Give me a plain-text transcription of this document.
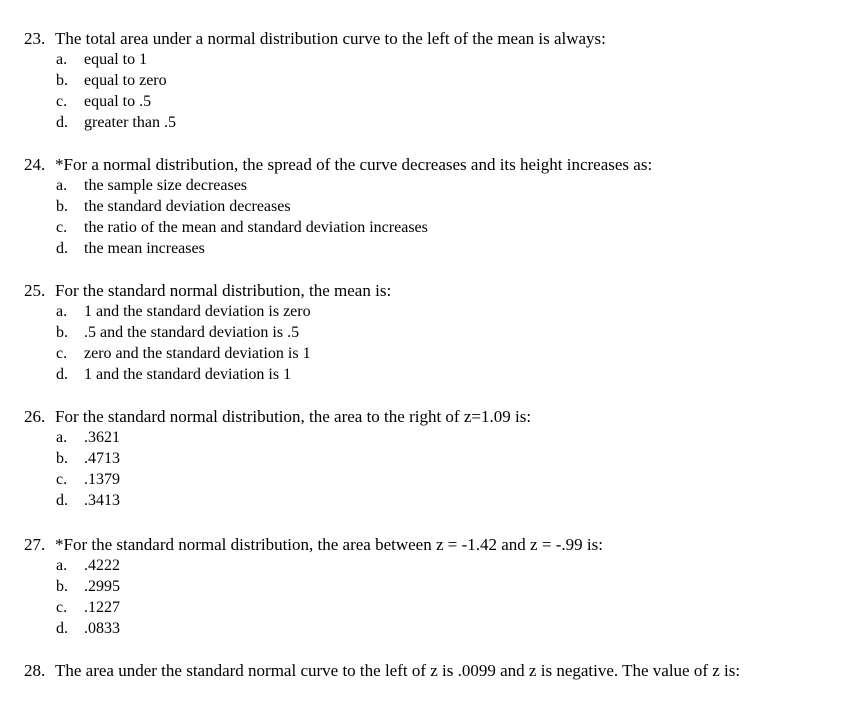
23. The total area under a normal distribution curve to the left of the mean is always:
a. equal to 1
b. equal to zero
c. equal to .5
d. greater than .5
24. *For a normal distribution, the spread of the curve decreases and its height increases as:
a. the sample size decreases
b. the standard deviation decreases
c. the ratio of the mean and standard deviation increases
d. the mean increases
25. For the standard normal distribution, the mean is:
a. 1 and the standard deviation is zero
b. .5 and the standard deviation is .5
c. zero and the standard deviation is 1
d. 1 and the standard deviation is 1
26. For the standard normal distribution, the area to the right of z=1.09 is:
a. .3621
b. .4713
c. .1379
d. .3413
27. *For the standard normal distribution, the area between z = -1.42 and z = -.99 is:
a. .4222
b. .2995
c. .1227
d. .0833
28. The area under the standard normal curve to the left of z is .0099 and z is negative. The value of z is:
